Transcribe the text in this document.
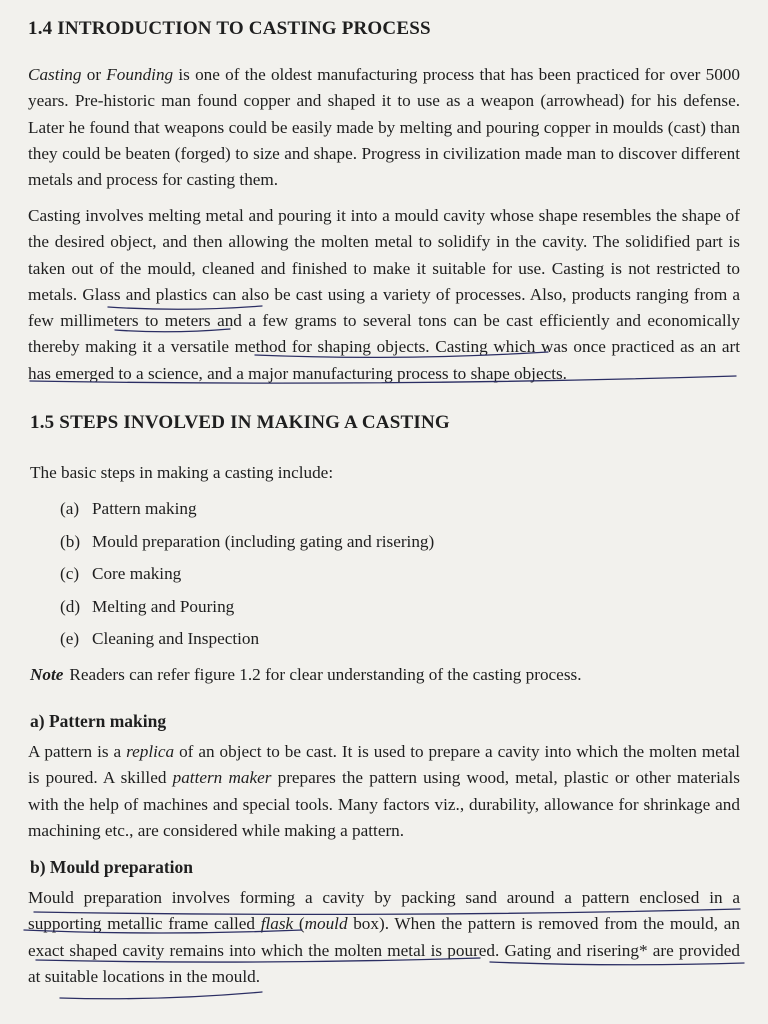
1.4 INTRODUCTION TO CASTING PROCESS
Casting or Founding is one of the oldest manufacturing process that has been practiced for over 5000 years. Pre-historic man found copper and shaped it to use as a weapon (arrowhead) for his defense. Later he found that weapons could be easily made by melting and pouring copper in moulds (cast) than they could be beaten (forged) to size and shape. Progress in civilization made man to discover different metals and process for casting them.
Casting involves melting metal and pouring it into a mould cavity whose shape resembles the shape of the desired object, and then allowing the molten metal to solidify in the cavity. The solidified part is taken out of the mould, cleaned and finished to make it suitable for use. Casting is not restricted to metals. Glass and plastics can also be cast using a variety of processes. Also, products ranging from a few millimeters to meters and a few grams to several tons can be cast efficiently and economically thereby making it a versatile method for shaping objects. Casting which was once practiced as an art has emerged to a science, and a major manufacturing process to shape objects.
1.5 STEPS INVOLVED IN MAKING A CASTING
The basic steps in making a casting include:
(a) Pattern making
(b) Mould preparation (including gating and risering)
(c) Core making
(d) Melting and Pouring
(e) Cleaning and Inspection
Note Readers can refer figure 1.2 for clear understanding of the casting process.
a) Pattern making
A pattern is a replica of an object to be cast. It is used to prepare a cavity into which the molten metal is poured. A skilled pattern maker prepares the pattern using wood, metal, plastic or other materials with the help of machines and special tools. Many factors viz., durability, allowance for shrinkage and machining etc., are considered while making a pattern.
b) Mould preparation
Mould preparation involves forming a cavity by packing sand around a pattern enclosed in a supporting metallic frame called flask (mould box). When the pattern is removed from the mould, an exact shaped cavity remains into which the molten metal is poured. Gating and risering* are provided at suitable locations in the mould.
